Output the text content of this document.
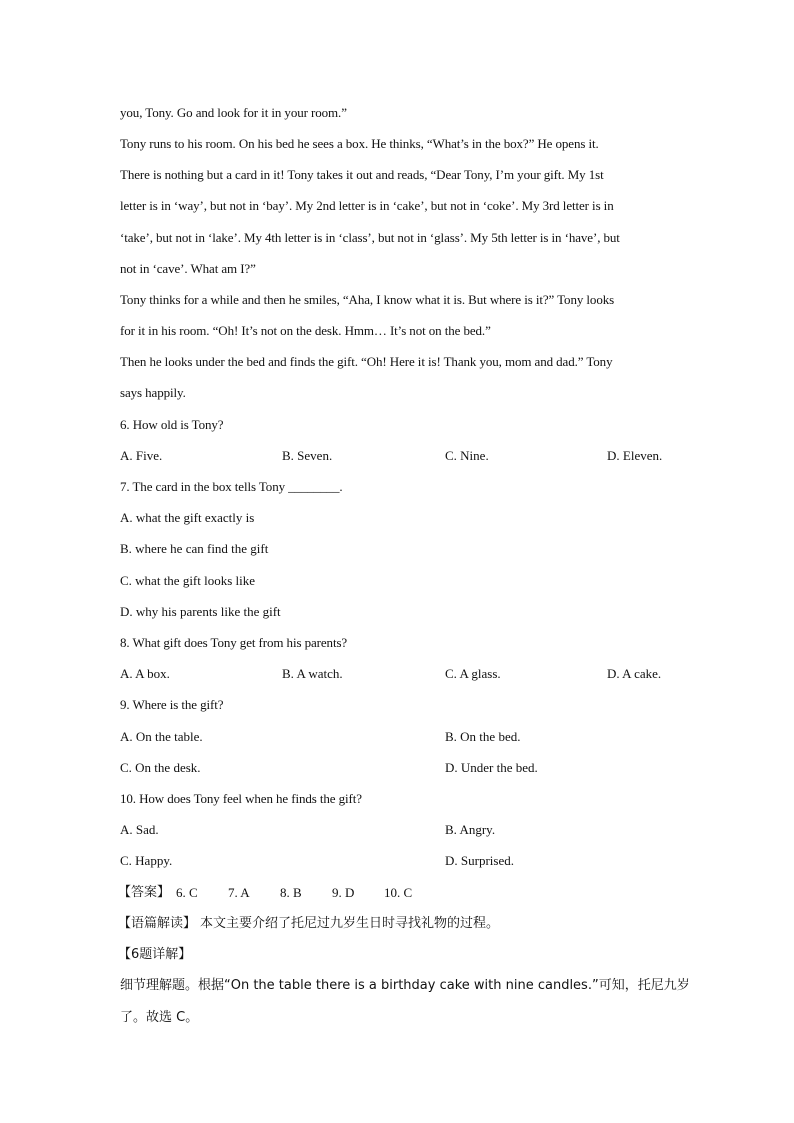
you, Tony. Go and look for it in your room.”
Tony runs to his room. On his bed he sees a box. He thinks, “What’s in the box?” He opens it.
There is nothing but a card in it! Tony takes it out and reads, “Dear Tony, I’m your gift. My 1st
letter is in ‘way’, but not in ‘bay’. My 2nd letter is in ‘cake’, but not in ‘coke’. My 3rd letter is in
‘take’, but not in ‘lake’. My 4th letter is in ‘class’, but not in ‘glass’. My 5th letter is in ‘have’, but
not in ‘cave’. What am I?”
Tony thinks for a while and then he smiles, “Aha, I know what it is. But where is it?” Tony looks
for it in his room. “Oh! It’s not on the desk. Hmm… It’s not on the bed.”
Then he looks under the bed and finds the gift. “Oh! Here it is! Thank you, mom and dad.” Tony
says happily.
6. How old is Tony?
A. Five.	B. Seven.	C. Nine.	D. Eleven.
7. The card in the box tells Tony ________.
A. what the gift exactly is
B. where he can find the gift
C. what the gift looks like
D. why his parents like the gift
8. What gift does Tony get from his parents?
A. A box.	B. A watch.	C. A glass.	D. A cake.
9. Where is the gift?
A. On the table.	B. On the bed.
C. On the desk.	D. Under the bed.
10. How does Tony feel when he finds the gift?
A. Sad.	B. Angry.
C. Happy.	D. Surprised.
【答案】 6. C 7. A 8. B 9. D 10. C
【语篇解读】 本文主要介绍了托尼过九岁生日时寻找礼物的过程。
【6题详解】
细节理解题。根据“On the table there is a birthday cake with nine candles.”可知，托尼九岁
了。故选 C。
